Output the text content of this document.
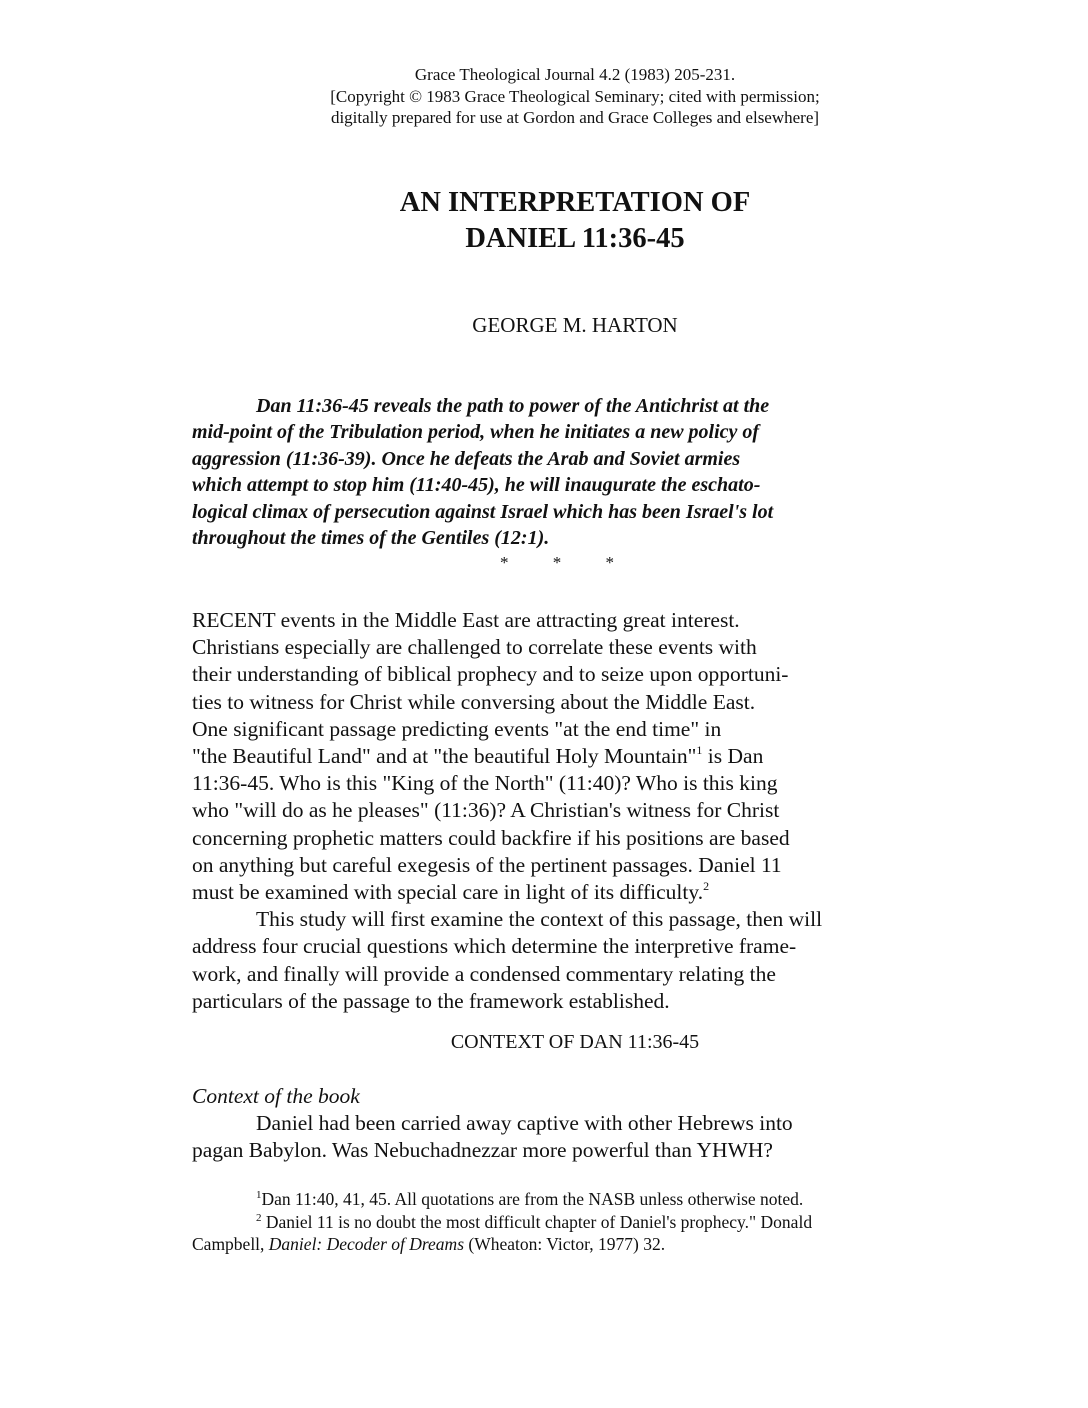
Grace Theological Journal 4.2 (1983) 205-231.
[Copyright © 1983 Grace Theological Seminary; cited with permission;
digitally prepared for use at Gordon and Grace Colleges and elsewhere]
AN INTERPRETATION OF
DANIEL 11:36-45
GEORGE M. HARTON
Dan 11:36-45 reveals the path to power of the Antichrist at the
mid-point of the Tribulation period, when he initiates a new policy of
aggression (11:36-39). Once he defeats the Arab and Soviet armies
which attempt to stop him (11:40-45), he will inaugurate the eschato-
logical climax of persecution against Israel which has been Israel's lot
throughout the times of the Gentiles (12:1).
* * *
RECENT events in the Middle East are attracting great interest.
Christians especially are challenged to correlate these events with
their understanding of biblical prophecy and to seize upon opportuni-
ties to witness for Christ while conversing about the Middle East.
One significant passage predicting events "at the end time" in
"the Beautiful Land" and at "the beautiful Holy Mountain"$^1$ is Dan
11:36-45. Who is this "King of the North" (11:40)? Who is this king
who "will do as he pleases" (11:36)? A Christian's witness for Christ
concerning prophetic matters could backfire if his positions are based
on anything but careful exegesis of the pertinent passages. Daniel 11
must be examined with special care in light of its difficulty.$^2$
This study will first examine the context of this passage, then will
address four crucial questions which determine the interpretive frame-
work, and finally will provide a condensed commentary relating the
particulars of the passage to the framework established.
CONTEXT OF DAN 11:36-45
Context of the book
Daniel had been carried away captive with other Hebrews into
pagan Babylon. Was Nebuchadnezzar more powerful than YHWH?
$^1$Dan 11:40, 41, 45. All quotations are from the NASB unless otherwise noted.
$^2$ Daniel 11 is no doubt the most difficult chapter of Daniel's prophecy." Donald
Campbell, Daniel: Decoder of Dreams (Wheaton: Victor, 1977) 32.
